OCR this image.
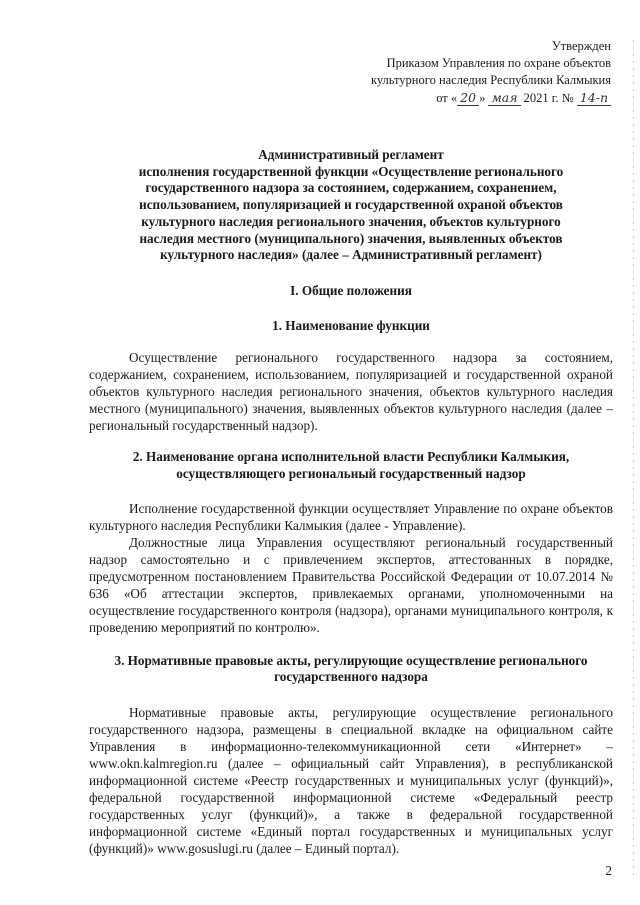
Утвержден
Приказом Управления по охране объектов
культурного наследия Республики Калмыкия
от « 20 » мая 2021 г. № 14-п
Административный регламент
исполнения государственной функции «Осуществление регионального
государственного надзора за состоянием, содержанием, сохранением,
использованием, популяризацией и государственной охраной объектов
культурного наследия регионального значения, объектов культурного
наследия местного (муниципального) значения, выявленных объектов
культурного наследия» (далее – Административный регламент)
I. Общие положения
1. Наименование функции

Осуществление регионального государственного надзора за состоянием, содержанием, сохранением, использованием, популяризацией и государственной охраной объектов культурного наследия регионального значения, объектов культурного наследия местного (муниципального) значения, выявленных объектов культурного наследия (далее – региональный государственный надзор).

2. Наименование органа исполнительной власти Республики Калмыкия,
осуществляющего региональный государственный надзор

Исполнение государственной функции осуществляет Управление по охране объектов культурного наследия Республики Калмыкия (далее - Управление).

Должностные лица Управления осуществляют региональный государственный надзор самостоятельно и с привлечением экспертов, аттестованных в порядке, предусмотренном постановлением Правительства Российской Федерации от 10.07.2014 № 636 «Об аттестации экспертов, привлекаемых органами, уполномоченными на осуществление государственного контроля (надзора), органами муниципального контроля, к проведению мероприятий по контролю».

3. Нормативные правовые акты, регулирующие осуществление регионального
государственного надзора

Нормативные правовые акты, регулирующие осуществление регионального государственного надзора, размещены в специальной вкладке на официальном сайте Управления в информационно-телекоммуникационной сети «Интернет» – www.okn.kalmregion.ru (далее – официальный сайт Управления), в республиканской информационной системе «Реестр государственных и муниципальных услуг (функций)», федеральной государственной информационной системе «Федеральный реестр государственных услуг (функций)», а также в федеральной государственной информационной системе «Единый портал государственных и муниципальных услуг (функций)» www.gosuslugi.ru (далее – Единый портал).

2
